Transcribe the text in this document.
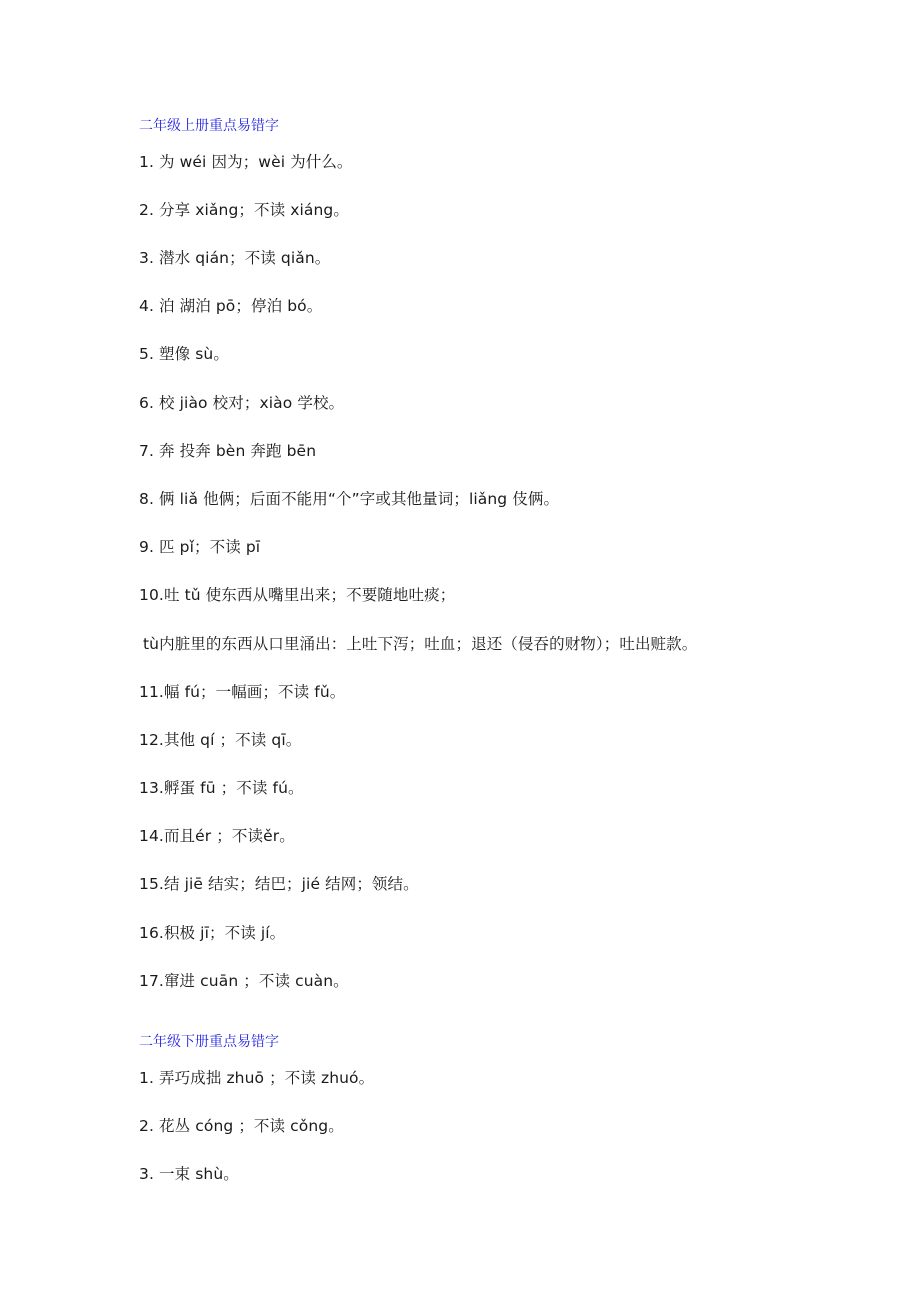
二年级上册重点易错字
1. 为 wéi 因为；wèi 为什么。
2. 分享 xiǎng；不读 xiáng。
3. 潜水 qián；不读 qiǎn。
4. 泊 湖泊 pō；停泊 bó。
5. 塑像 sù。
6. 校 jiào 校对；xiào 学校。
7. 奔 投奔 bèn 奔跑 bēn
8. 俩 liǎ 他俩；后面不能用“个”字或其他量词；liǎng 伎俩。
9. 匹 pǐ；不读 pī
10.吐 tǔ 使东西从嘴里出来；不要随地吐痰；
tù内脏里的东西从口里涌出：上吐下泻；吐血；退还（侵吞的财物）；吐出赃款。
11.幅 fú；一幅画；不读 fǔ。
12.其他 qí ；不读 qī。
13.孵蛋 fū ；不读 fú。
14.而且ér ；不读ěr。
15.结 jiē 结实；结巴；jié 结网；领结。
16.积极 jī；不读 jí。
17.窜进 cuān ；不读 cuàn。
二年级下册重点易错字
1. 弄巧成拙 zhuō ；不读 zhuó。
2. 花丛 cóng ；不读 cǒng。
3. 一束 shù。
